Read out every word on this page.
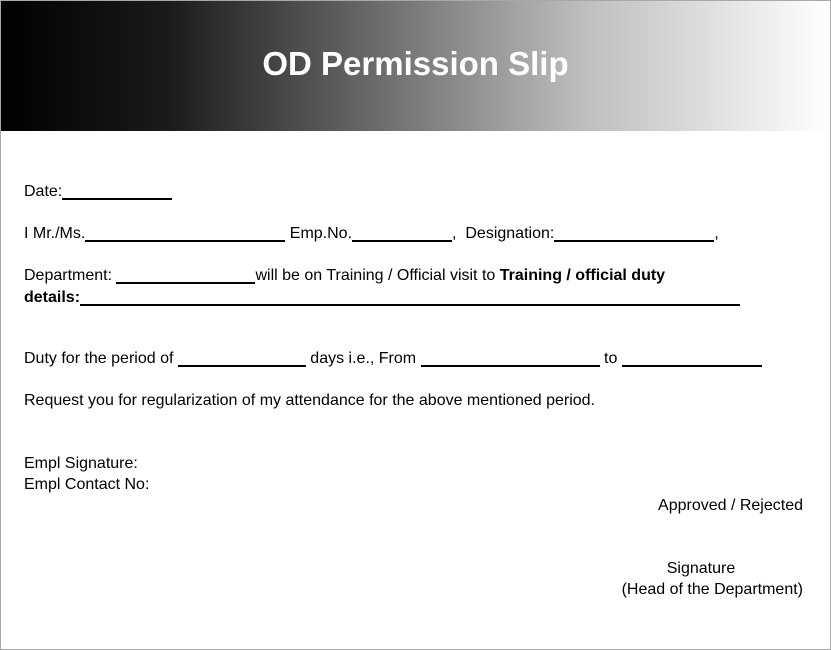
OD Permission Slip
Date:
I Mr./Ms.	Emp.No.	,  Designation:	,
Department:	will be on Training / Official visit to Training / official duty
details:
Duty for the period of	days i.e., From	to
Request you for regularization of my attendance for the above mentioned period.
Empl Signature:
Empl Contact No:
Approved / Rejected
Signature
(Head of the Department)
